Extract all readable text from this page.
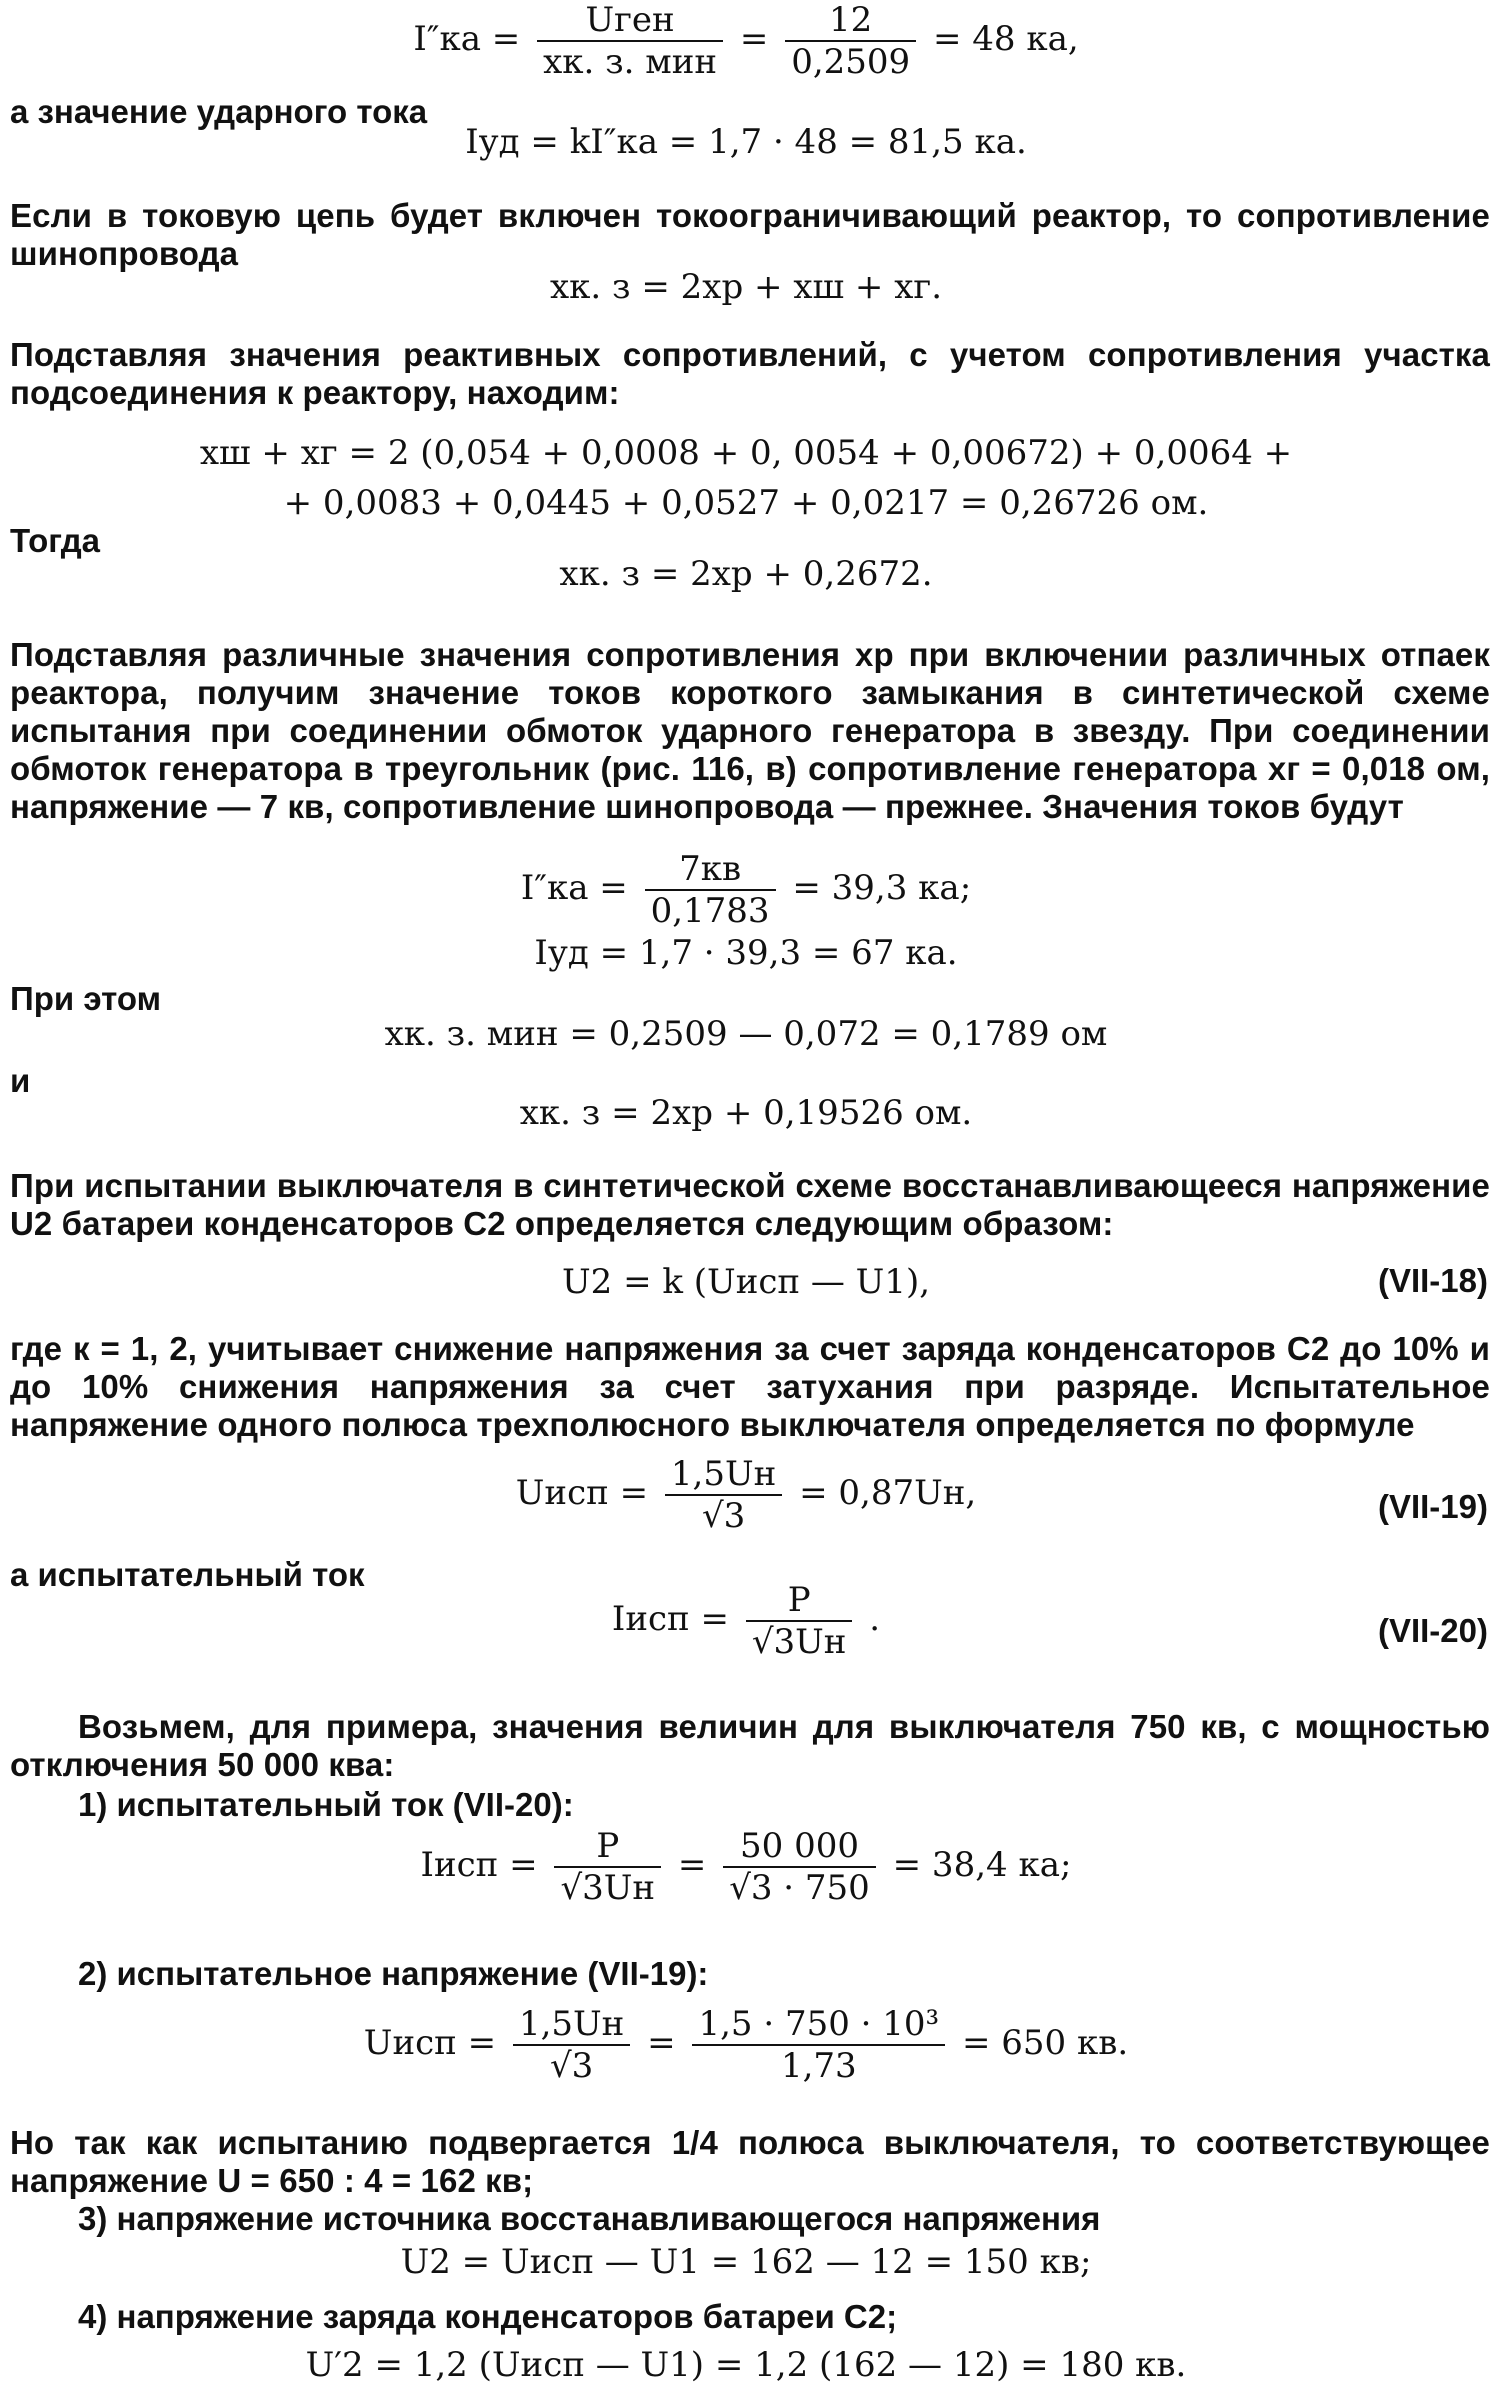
I″ка =	Uген
xк. з. мин
= $\frac{12}{0,2509} = 48$ ка,
а значение ударного тока
Iуд = kI″ка = 1,7 · 48 = 81,5 ка.
Если в токовую цепь будет включен токоограничивающий реактор, то сопротивление шинопровода
xк. з = 2xр + xш + xг.
Подставляя значения реактивных сопротивлений, с учетом сопротивления участка подсоединения к реактору, находим:
xш + xг = 2 (0,054 + 0,0008 + 0, 0054 + 0,00672) + 0,0064 +
+ 0,0083 + 0,0445 + 0,0527 + 0,0217 = 0,26726 ом.
Тогда
xк. з = 2xр + 0,2672.
Подставляя различные значения сопротивления xр при включении различных отпаек реактора, получим значение токов короткого замыкания в синтетической схеме испытания при соединении обмоток ударного генератора в звезду. При соединении обмоток генератора в треугольник (рис. 116, в) сопротивление генератора xг = 0,018 ом, напряжение — 7 кв, сопротивление шинопровода — прежнее. Значения токов будут
I″ка =	7кв
0,1783
= 39,3 ка;
Iуд = 1,7 · 39,3 = 67 ка.
При этом
xк. з. мин = 0,2509 — 0,072 = 0,1789 ом
и
xк. з = 2xр + 0,19526 ом.
При испытании выключателя в синтетической схеме восстанавливающееся напряжение U2 батареи конденсаторов C2 определяется следующим образом:
U2 = k (Uисп — U1),	(VII-18)
где к = 1, 2, учитывает снижение напряжения за счет заряда конденсаторов C2 до 10% и до 10% снижения напряжения за счет затухания при разряде. Испытательное напряжение одного полюса трехполюсного выключателя определяется по формуле
Uисп = 1,5Uн
√3
= 0,87Uн,	(VII-19)
а испытательный ток
Iисп =	P
√3Uн
.	(VII-20)
Возьмем, для примера, значения величин для выключателя 750 кв, с мощностью отключения 50 000 ква:
1) испытательный ток (VII-20):
Iисп =	P
√3Uн
= $\frac{50 000}{√3 \cdot 750} = 38,4$ ка;
2) испытательное напряжение (VII-19):
Uисп = 1,5Uн
√3
= $\frac{\text{1,5 · 750 · 10³}}{1,73} = 650$ кв.
Но так как испытанию подвергается 1/4 полюса выключателя, то соответствующее напряжение U = 650 : 4 = 162 кв;
3) напряжение источника восстанавливающегося напряжения
U2 = Uисп — U1 = 162 — 12 = 150 кв;
4) напряжение заряда конденсаторов батареи C2;
U′2 = 1,2 (Uисп — U1) = 1,2 (162 — 12) = 180 кв.
